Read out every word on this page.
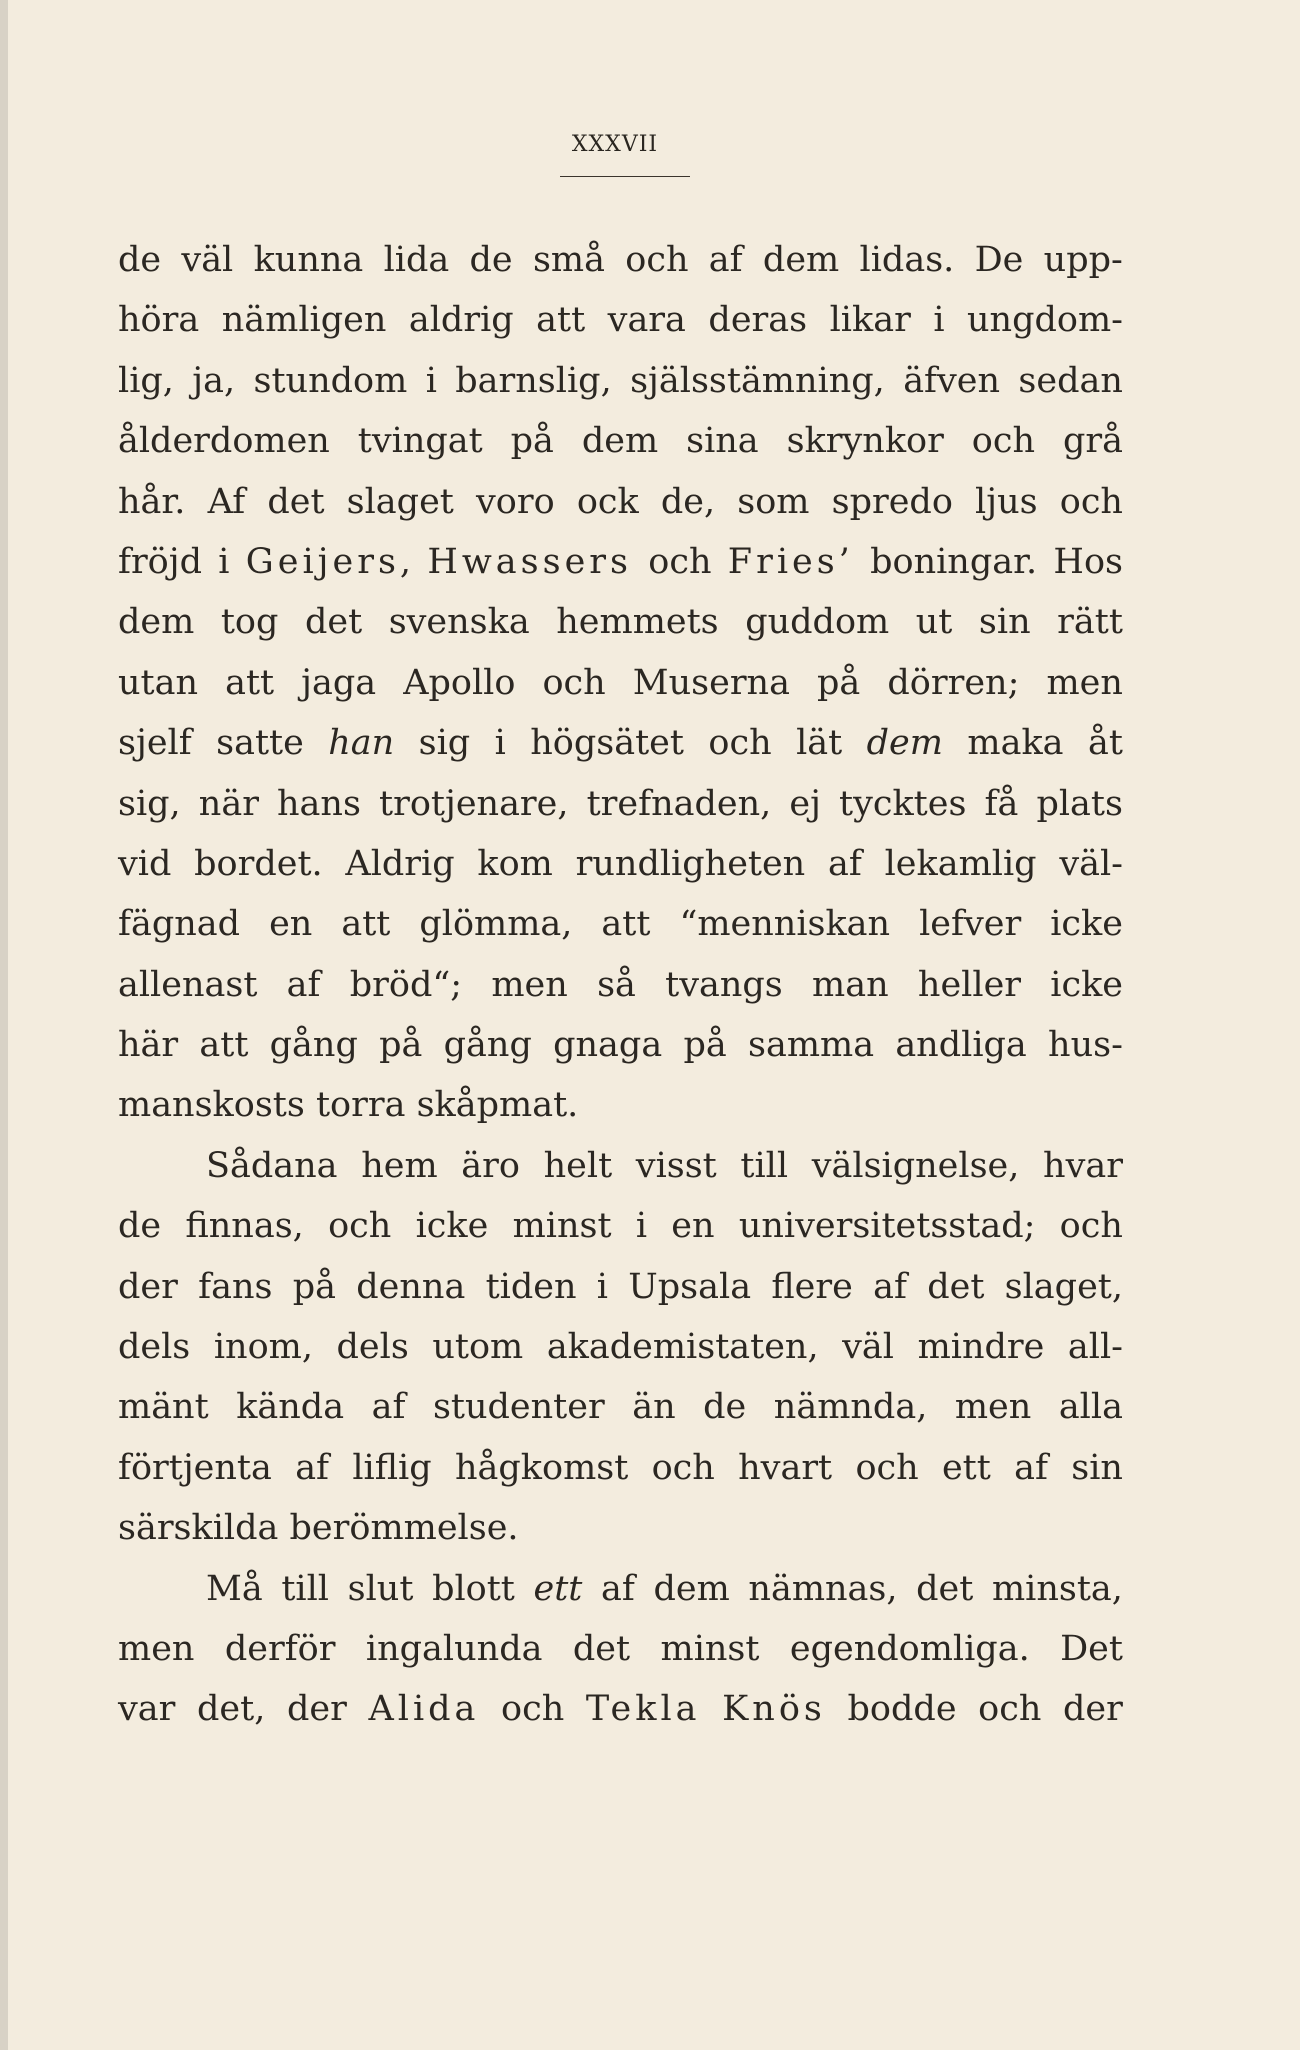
XXXVII
de väl kunna lida de små och af dem lidas. De upp-
höra nämligen aldrig att vara deras likar i ungdom-
lig, ja, stundom i barnslig, själsstämning, äfven sedan
ålderdomen tvingat på dem sina skrynkor och grå
hår. Af det slaget voro ock de, som spredo ljus och
fröjd i Geijers, Hwassers och Fries’ boningar. Hos
dem tog det svenska hemmets guddom ut sin rätt
utan att jaga Apollo och Muserna på dörren; men
sjelf satte han sig i högsätet och lät dem maka åt
sig, när hans trotjenare, trefnaden, ej tycktes få plats
vid bordet. Aldrig kom rundligheten af lekamlig väl-
fägnad en att glömma, att “menniskan lefver icke
allenast af bröd“; men så tvangs man heller icke
här att gång på gång gnaga på samma andliga hus-
manskosts torra skåpmat.
Sådana hem äro helt visst till välsignelse, hvar
de finnas, och icke minst i en universitetsstad; och
der fans på denna tiden i Upsala flere af det slaget,
dels inom, dels utom akademistaten, väl mindre all-
mänt kända af studenter än de nämnda, men alla
förtjenta af liflig hågkomst och hvart och ett af sin
särskilda berömmelse.
Må till slut blott ett af dem nämnas, det minsta,
men derför ingalunda det minst egendomliga. Det
var det, der Alida och Tekla Knös bodde och der
